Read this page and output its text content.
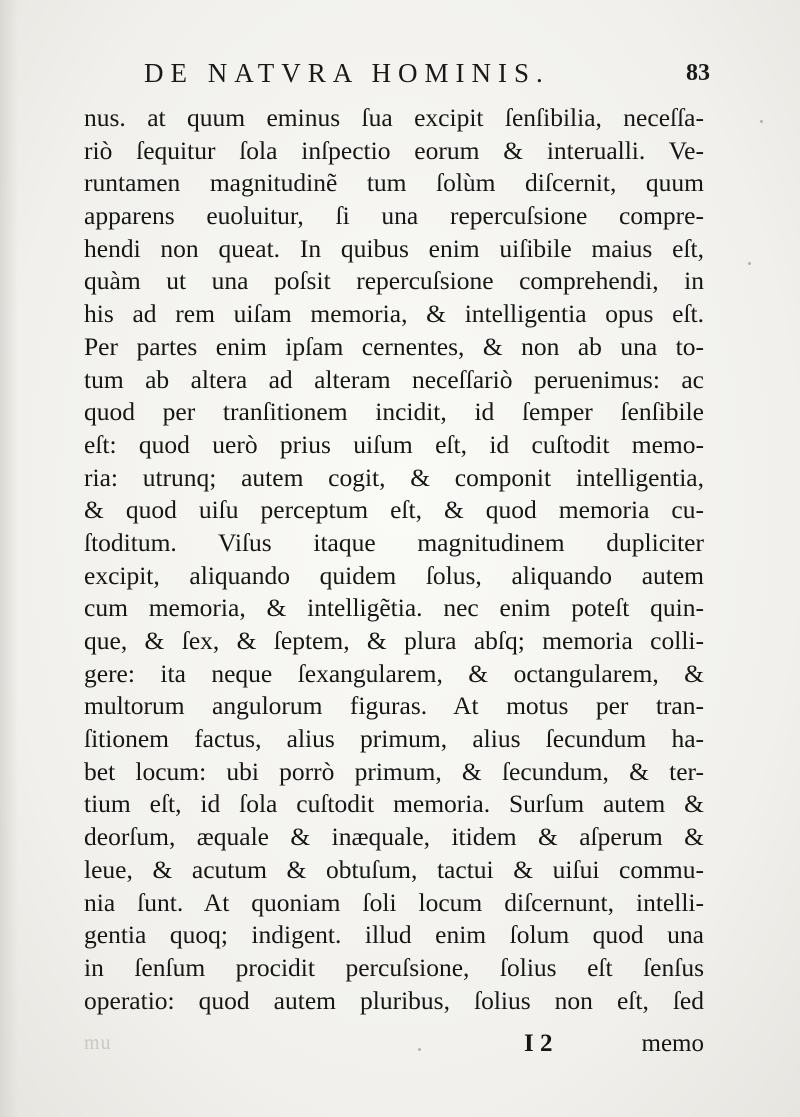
DE NATVRA HOMINIS.	83
nus. at quum eminus ſua excipit ſenſibilia, neceſſa-
riò ſequitur ſola inſpectio eorum & interualli. Ve-
runtamen magnitudinẽ tum ſolùm diſcernit, quum
apparens euoluitur, ſi una repercuſsione compre-
hendi non queat. In quibus enim uiſibile maius eſt,
quàm ut una poſsit repercuſsione comprehendi, in
his ad rem uiſam memoria, & intelligentia opus eſt.
Per partes enim ipſam cernentes, & non ab una to-
tum ab altera ad alteram neceſſariò peruenimus: ac
quod per tranſitionem incidit, id ſemper ſenſibile
eſt: quod uerò prius uiſum eſt, id cuſtodit memo-
ria: utrunq; autem cogit, & componit intelligentia,
& quod uiſu perceptum eſt, & quod memoria cu-
ſtoditum. Viſus itaque magnitudinem dupliciter
excipit, aliquando quidem ſolus, aliquando autem
cum memoria, & intelligẽtia. nec enim poteſt quin-
que, & ſex, & ſeptem, & plura abſq; memoria colli-
gere: ita neque ſexangularem, & octangularem, &
multorum angulorum figuras. At motus per tran-
ſitionem factus, alius primum, alius ſecundum ha-
bet locum: ubi porrò primum, & ſecundum, & ter-
tium eſt, id ſola cuſtodit memoria. Surſum autem &
deorſum, æquale & inæquale, itidem & aſperum &
leue, & acutum & obtuſum, tactui & uiſui commu-
nia ſunt. At quoniam ſoli locum diſcernunt, intelli-
gentia quoq; indigent. illud enim ſolum quod una
in ſenſum procidit percuſsione, ſolius eſt ſenſus
operatio: quod autem pluribus, ſolius non eſt, ſed
mu	I 2	memo
